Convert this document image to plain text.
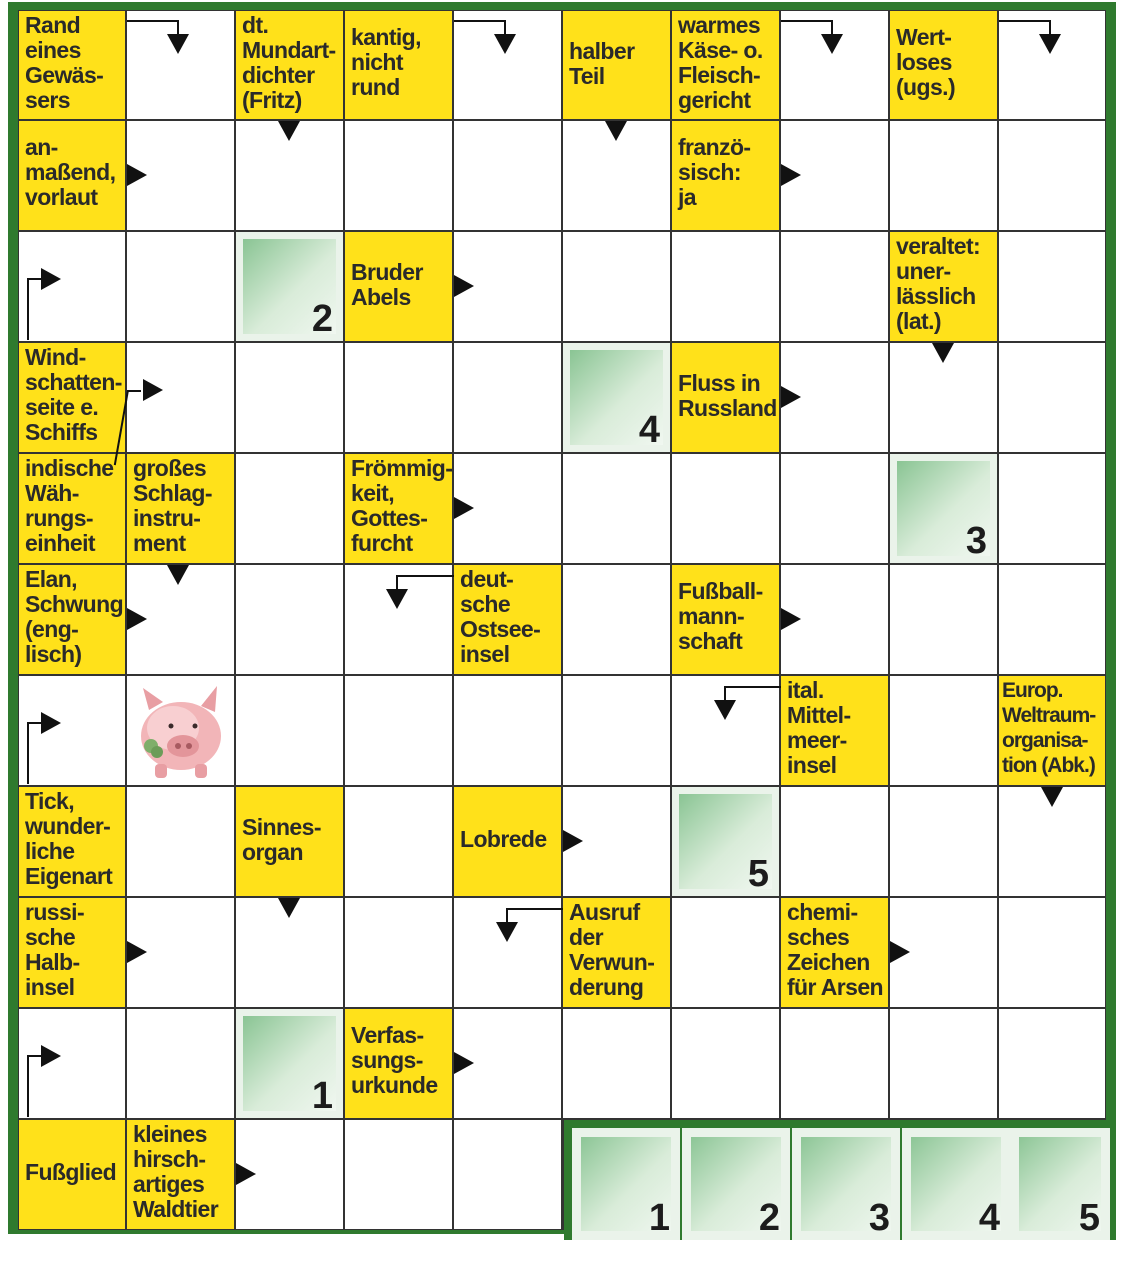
Rand
eines
Gewäs-
sers
dt.
Mundart-
dichter
(Fritz)
kantig,
nicht
rund
halber
Teil
warmes
Käse- o.
Fleisch-
gericht
Wert-
loses
(ugs.)
an-
maßend,
vorlaut
franzö-
sisch:
ja
2
Bruder
Abels
veraltet:
uner-
lässlich
(lat.)
Wind-
schatten-
seite e.
Schiffs	4
Fluss in
Russland
indische
Wäh-
rungs-
einheit
großes
Schlag-
instru-
ment
Frömmig-
keit,
Gottes-
furcht	3
Elan,
Schwung
(eng-
lisch)
deut-
sche
Ostsee-
insel
Fußball-
mann-
schaft
ital.
Mittel-
meer-
insel
Europ.
Weltraum-
organisa-
tion (Abk.)
Tick,
wunder-
liche
Eigenart
Sinnes-
organ	Lobrede
5
russi-
sche
Halb-
insel
Ausruf
der
Verwun-
derung
chemi-
sches
Zeichen
für Arsen
1
Verfas-
sungs-
urkunde
Fußglied
kleines
hirsch-
artiges
Waldtier	1 2 3 4 5
